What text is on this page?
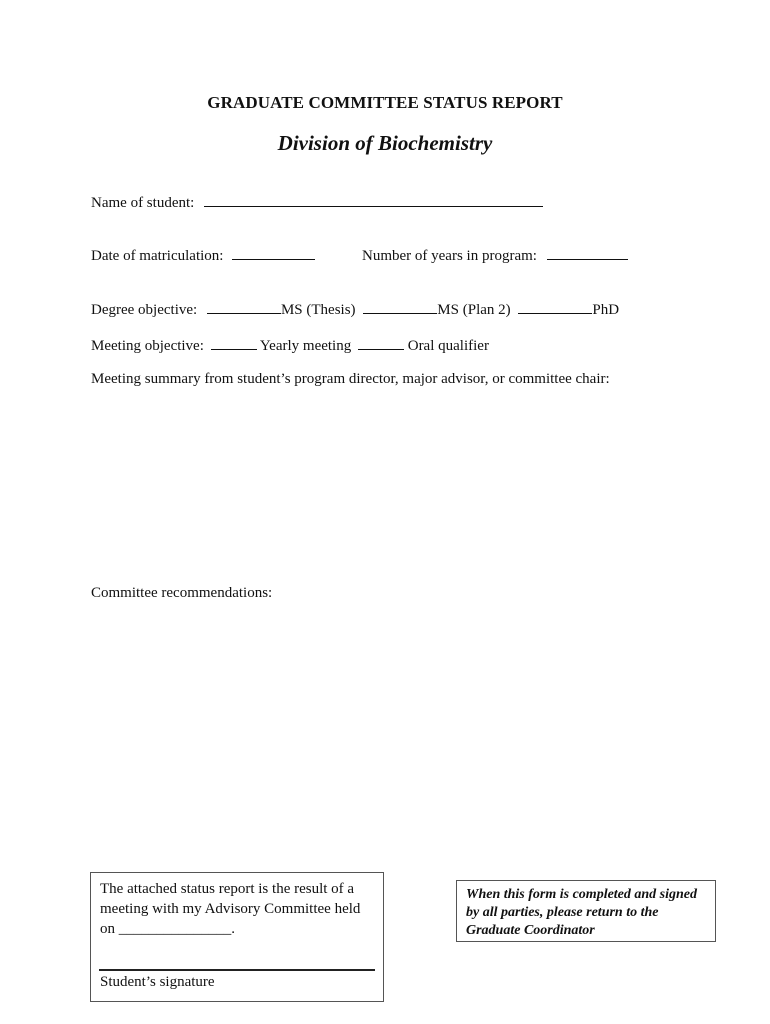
GRADUATE COMMITTEE STATUS REPORT
Division of Biochemistry
Name of student:
Date of matriculation:	Number of years in program:
Degree objective:	MS (Thesis)	MS (Plan 2)	PhD
Meeting objective:	Yearly meeting	Oral qualifier
Meeting summary from student’s program director, major advisor, or committee chair:
Committee recommendations:
The attached status report is the result of a meeting with my Advisory Committee held on _______________.
Student’s signature
When this form is completed and signed by all parties, please return to the Graduate Coordinator
